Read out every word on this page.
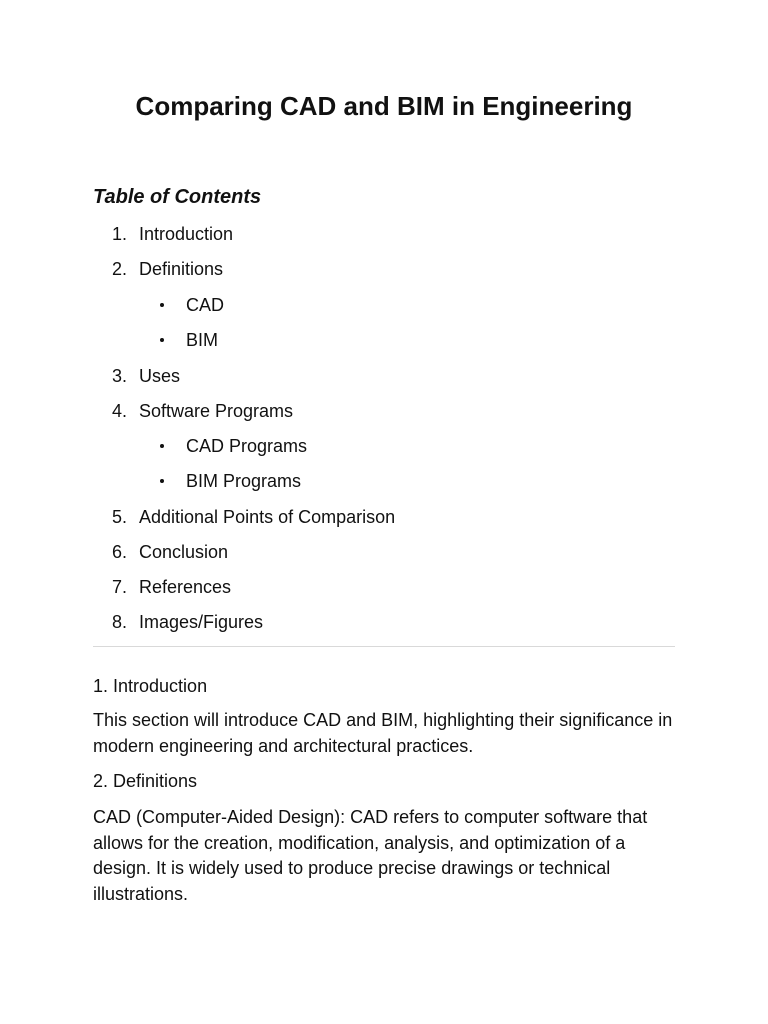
Comparing CAD and BIM in Engineering
Table of Contents
1. Introduction
2. Definitions
CAD
BIM
3. Uses
4. Software Programs
CAD Programs
BIM Programs
5. Additional Points of Comparison
6. Conclusion
7. References
8. Images/Figures
1. Introduction
This section will introduce CAD and BIM, highlighting their significance in modern engineering and architectural practices.
2. Definitions
CAD (Computer-Aided Design): CAD refers to computer software that allows for the creation, modification, analysis, and optimization of a design. It is widely used to produce precise drawings or technical illustrations.
